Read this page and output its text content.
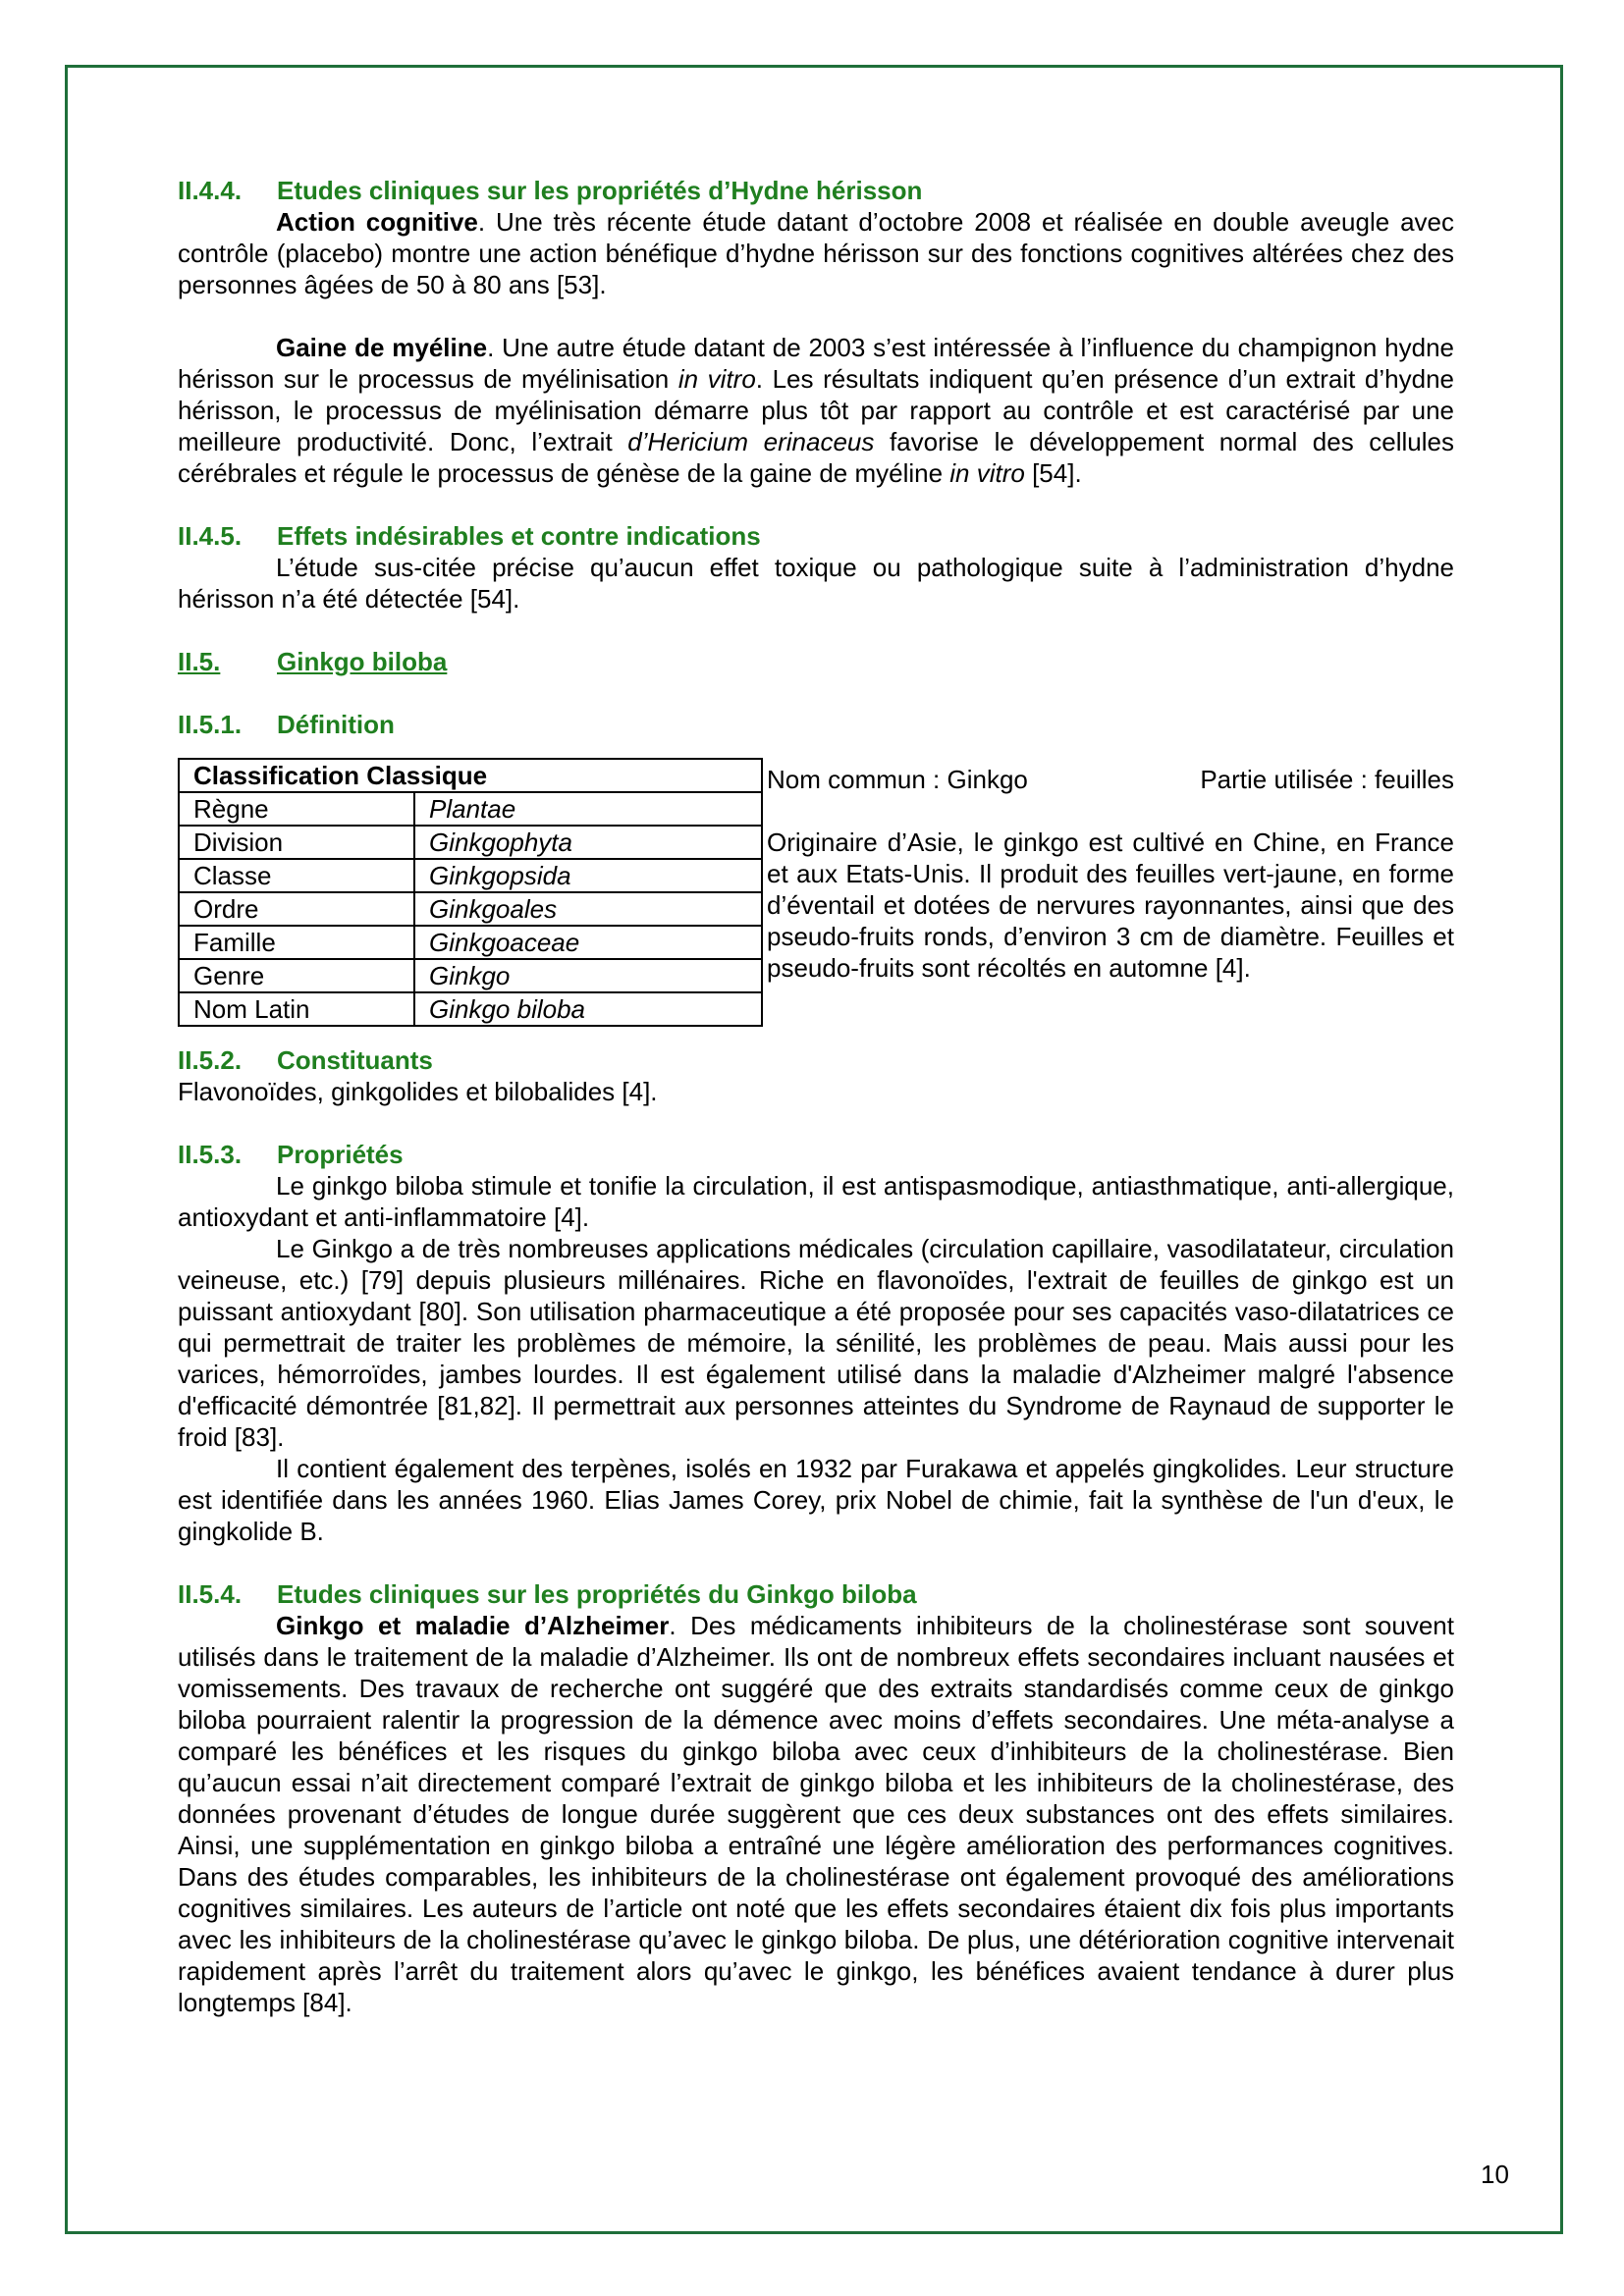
II.4.4.	Etudes cliniques sur les propriétés d’Hydne hérisson

Action cognitive. Une très récente étude datant d’octobre 2008 et réalisée en double aveugle avec contrôle (placebo) montre une action bénéfique d’hydne hérisson sur des fonctions cognitives altérées chez des personnes âgées de 50 à 80 ans [53].

Gaine de myéline. Une autre étude datant de 2003 s’est intéressée à l’influence du champignon hydne hérisson sur le processus de myélinisation in vitro. Les résultats indiquent qu’en présence d’un extrait d’hydne hérisson, le processus de myélinisation démarre plus tôt par rapport au contrôle et est caractérisé par une meilleure productivité. Donc, l’extrait d’Hericium erinaceus favorise le développement normal des cellules cérébrales et régule le processus de génèse de la gaine de myéline in vitro [54].

II.4.5.	Effets indésirables et contre indications

L’étude sus-citée précise qu’aucun effet toxique ou pathologique suite à l’administration d’hydne hérisson n’a été détectée [54].

II.5.	Ginkgo biloba
II.5.1.	Définition
Classification Classique	
Règne	Plantae
Division	Ginkgophyta
Classe	Ginkgopsida
Ordre	Ginkgoales
Famille	Ginkgoaceae
Genre	Ginkgo
Nom Latin	Ginkgo biloba
Nom commun : Ginkgo	Partie utilisée : feuilles

Originaire d’Asie, le ginkgo est cultivé en Chine, en France et aux Etats-Unis. Il produit des feuilles vert-jaune, en forme d’éventail et dotées de nervures rayonnantes, ainsi que des pseudo-fruits ronds, d’environ 3 cm de diamètre. Feuilles et pseudo-fruits sont récoltés en automne [4].

II.5.2.	Constituants

Flavonoïdes, ginkgolides et bilobalides [4].

II.5.3.	Propriétés

Le ginkgo biloba stimule et tonifie la circulation, il est antispasmodique, antiasthmatique, anti-allergique, antioxydant et anti-inflammatoire [4].

Le Ginkgo a de très nombreuses applications médicales (circulation capillaire, vasodilatateur, circulation veineuse, etc.) [79] depuis plusieurs millénaires. Riche en flavonoïdes, l'extrait de feuilles de ginkgo est un puissant antioxydant [80]. Son utilisation pharmaceutique a été proposée pour ses capacités vaso-dilatatrices ce qui permettrait de traiter les problèmes de mémoire, la sénilité, les problèmes de peau. Mais aussi pour les varices, hémorroïdes, jambes lourdes. Il est également utilisé dans la maladie d'Alzheimer malgré l'absence d'efficacité démontrée [81,82]. Il permettrait aux personnes atteintes du Syndrome de Raynaud de supporter le froid [83].

Il contient également des terpènes, isolés en 1932 par Furakawa et appelés gingkolides. Leur structure est identifiée dans les années 1960. Elias James Corey, prix Nobel de chimie, fait la synthèse de l'un d'eux, le gingkolide B.

II.5.4.	Etudes cliniques sur les propriétés du Ginkgo biloba

Ginkgo et maladie d’Alzheimer. Des médicaments inhibiteurs de la cholinestérase sont souvent utilisés dans le traitement de la maladie d’Alzheimer. Ils ont de nombreux effets secondaires incluant nausées et vomissements. Des travaux de recherche ont suggéré que des extraits standardisés comme ceux de ginkgo biloba pourraient ralentir la progression de la démence avec moins d’effets secondaires. Une méta-analyse a comparé les bénéfices et les risques du ginkgo biloba avec ceux d’inhibiteurs de la cholinestérase. Bien qu’aucun essai n’ait directement comparé l’extrait de ginkgo biloba et les inhibiteurs de la cholinestérase, des données provenant d’études de longue durée suggèrent que ces deux substances ont des effets similaires. Ainsi, une supplémentation en ginkgo biloba a entraîné une légère amélioration des performances cognitives. Dans des études comparables, les inhibiteurs de la cholinestérase ont également provoqué des améliorations cognitives similaires. Les auteurs de l’article ont noté que les effets secondaires étaient dix fois plus importants avec les inhibiteurs de la cholinestérase qu’avec le ginkgo biloba. De plus, une détérioration cognitive intervenait rapidement après l’arrêt du traitement alors qu’avec le ginkgo, les bénéfices avaient tendance à durer plus longtemps [84].

10
